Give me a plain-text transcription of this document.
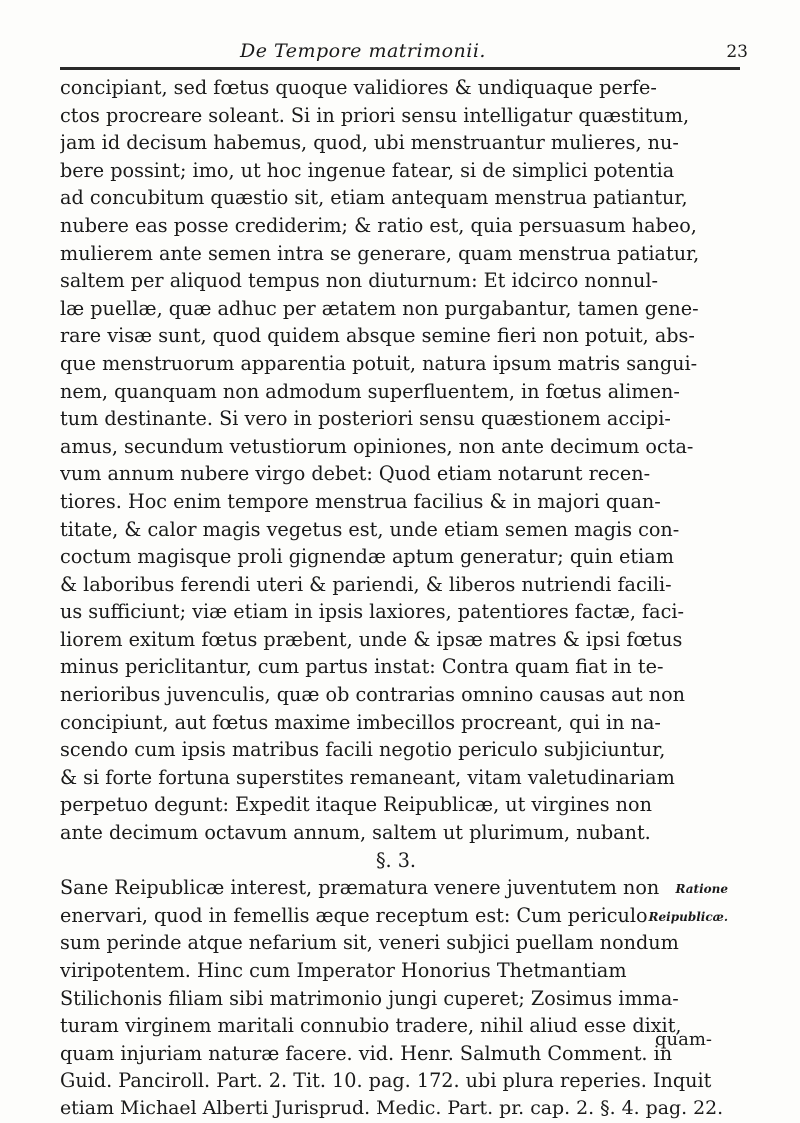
De Tempore matrimonii.	23
concipiant, sed fœtus quoque validiores & undiquaque perfe-
ctos procreare soleant. Si in priori sensu intelligatur quæstitum,
jam id decisum habemus, quod, ubi menstruantur mulieres, nu-
bere possint; imo, ut hoc ingenue fatear, si de simplici potentia
ad concubitum quæstio sit, etiam antequam menstrua patiantur,
nubere eas posse crediderim; & ratio est, quia persuasum habeo,
mulierem ante semen intra se generare, quam menstrua patiatur,
saltem per aliquod tempus non diuturnum: Et idcirco nonnul-
læ puellæ, quæ adhuc per ætatem non purgabantur, tamen gene-
rare visæ sunt, quod quidem absque semine fieri non potuit, abs-
que menstruorum apparentia potuit, natura ipsum matris sangui-
nem, quanquam non admodum superfluentem, in fœtus alimen-
tum destinante. Si vero in posteriori sensu quæstionem accipi-
amus, secundum vetustiorum opiniones, non ante decimum octa-
vum annum nubere virgo debet: Quod etiam notarunt recen-
tiores. Hoc enim tempore menstrua facilius & in majori quan-
titate, & calor magis vegetus est, unde etiam semen magis con-
coctum magisque proli gignendæ aptum generatur; quin etiam
& laboribus ferendi uteri & pariendi, & liberos nutriendi facili-
us sufficiunt; viæ etiam in ipsis laxiores, patentiores factæ, faci-
liorem exitum fœtus præbent, unde & ipsæ matres & ipsi fœtus
minus periclitantur, cum partus instat: Contra quam fiat in te-
nerioribus juvenculis, quæ ob contrarias omnino causas aut non
concipiunt, aut fœtus maxime imbecillos procreant, qui in na-
scendo cum ipsis matribus facili negotio periculo subjiciuntur,
& si forte fortuna superstites remaneant, vitam valetudinariam
perpetuo degunt: Expedit itaque Reipublicæ, ut virgines non
ante decimum octavum annum, saltem ut plurimum, nubant.
§. 3.
Ratione
Reipublicæ.
Sane Reipublicæ interest, præmatura venere juventutem non
enervari, quod in femellis æque receptum est: Cum periculo
sum perinde atque nefarium sit, veneri subjici puellam nondum
viripotentem. Hinc cum Imperator Honorius Thetmantiam
Stilichonis filiam sibi matrimonio jungi cuperet; Zosimus imma-
turam virginem maritali connubio tradere, nihil aliud esse dixit,
quam injuriam naturæ facere. vid. Henr. Salmuth Comment. in
Guid. Panciroll. Part. 2. Tit. 10. pag. 172. ubi plura reperies. Inquit
etiam Michael Alberti Jurisprud. Medic. Part. pr. cap. 2. §. 4. pag. 22.
quam-
